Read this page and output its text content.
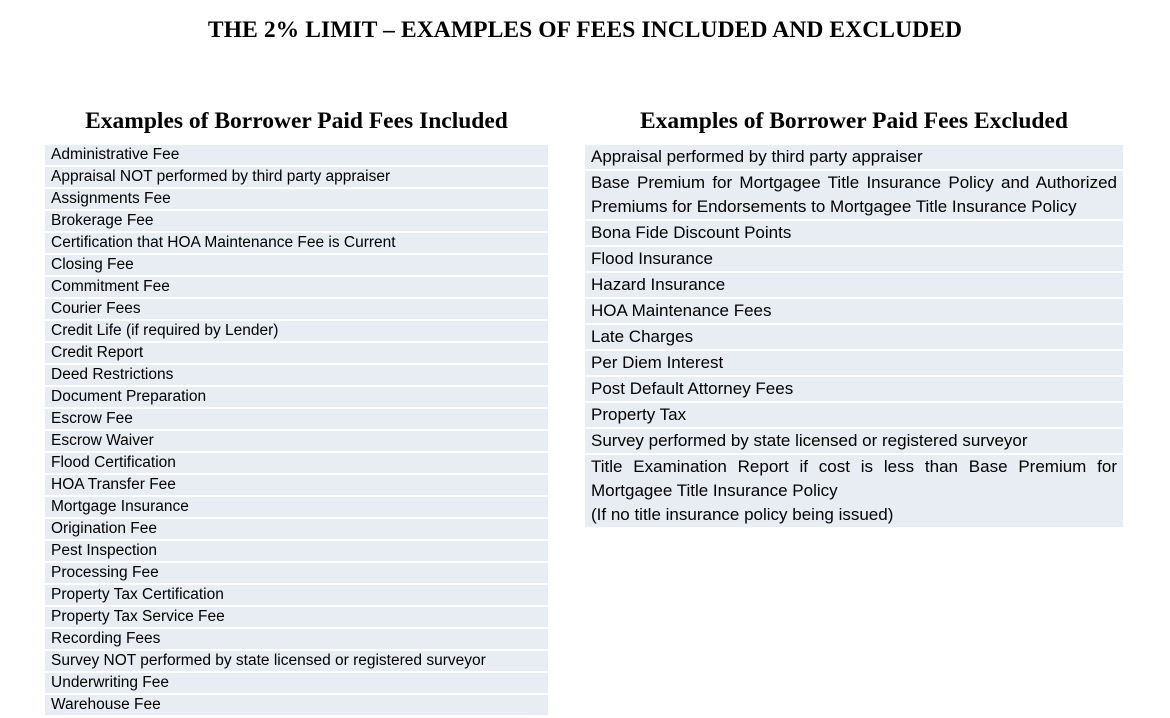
THE 2% LIMIT – EXAMPLES OF FEES INCLUDED AND EXCLUDED
Examples of Borrower Paid Fees Included	Examples of Borrower Paid Fees Excluded
Administrative Fee
Appraisal NOT performed by third party appraiser
Assignments Fee
Brokerage Fee
Certification that HOA Maintenance Fee is Current
Closing Fee
Commitment Fee
Courier Fees
Credit Life (if required by Lender)
Credit Report
Deed Restrictions
Document Preparation
Escrow Fee
Escrow Waiver
Flood Certification
HOA Transfer Fee
Mortgage Insurance
Origination Fee
Pest Inspection
Processing Fee
Property Tax Certification
Property Tax Service Fee
Recording Fees
Survey NOT performed by state licensed or registered surveyor
Underwriting Fee
Warehouse Fee
Appraisal performed by third party appraiser
Base Premium for Mortgagee Title Insurance Policy and Authorized Premiums for Endorsements to Mortgagee Title Insurance Policy
Bona Fide Discount Points
Flood Insurance
Hazard Insurance
HOA Maintenance Fees
Late Charges
Per Diem Interest
Post Default Attorney Fees
Property Tax
Survey performed by state licensed or registered surveyor
Title Examination Report if cost is less than Base Premium for Mortgagee Title Insurance Policy
(If no title insurance policy being issued)
